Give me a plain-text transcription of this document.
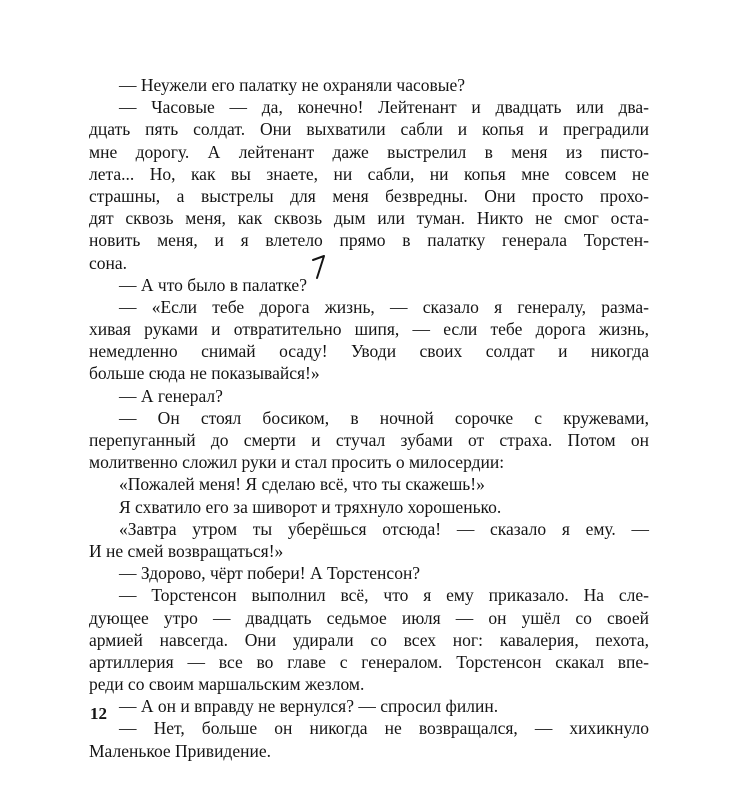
— Неужели его палатку не охраняли часовые?
— Часовые — да, конечно! Лейтенант и двадцать или два-
дцать пять солдат. Они выхватили сабли и копья и преградили
мне дорогу. А лейтенант даже выстрелил в меня из писто-
лета... Но, как вы знаете, ни сабли, ни копья мне совсем не
страшны, а выстрелы для меня безвредны. Они просто прохо-
дят сквозь меня, как сквозь дым или туман. Никто не смог оста-
новить меня, и я влетело прямо в палатку генерала Торстен-
сона.
— А что было в палатке?
— «Если тебе дорога жизнь, — сказало я генералу, разма-
хивая руками и отвратительно шипя, — если тебе дорога жизнь,
немедленно снимай осаду! Уводи своих солдат и никогда
больше сюда не показывайся!»
— А генерал?
— Он стоял босиком, в ночной сорочке с кружевами,
перепуганный до смерти и стучал зубами от страха. Потом он
молитвенно сложил руки и стал просить о милосердии:
«Пожалей меня! Я сделаю всё, что ты скажешь!»
Я схватило его за шиворот и тряхнуло хорошенько.
«Завтра утром ты уберёшься отсюда! — сказало я ему. —
И не смей возвращаться!»
— Здорово, чёрт побери! А Торстенсон?
— Торстенсон выполнил всё, что я ему приказало. На сле-
дующее утро — двадцать седьмое июля — он ушёл со своей
армией навсегда. Они удирали со всех ног: кавалерия, пехота,
артиллерия — все во главе с генералом. Торстенсон скакал впе-
реди со своим маршальским жезлом.
— А он и вправду не вернулся? — спросил филин.
— Нет, больше он никогда не возвращался, — хихикнуло
Маленькое Привидение.
12
